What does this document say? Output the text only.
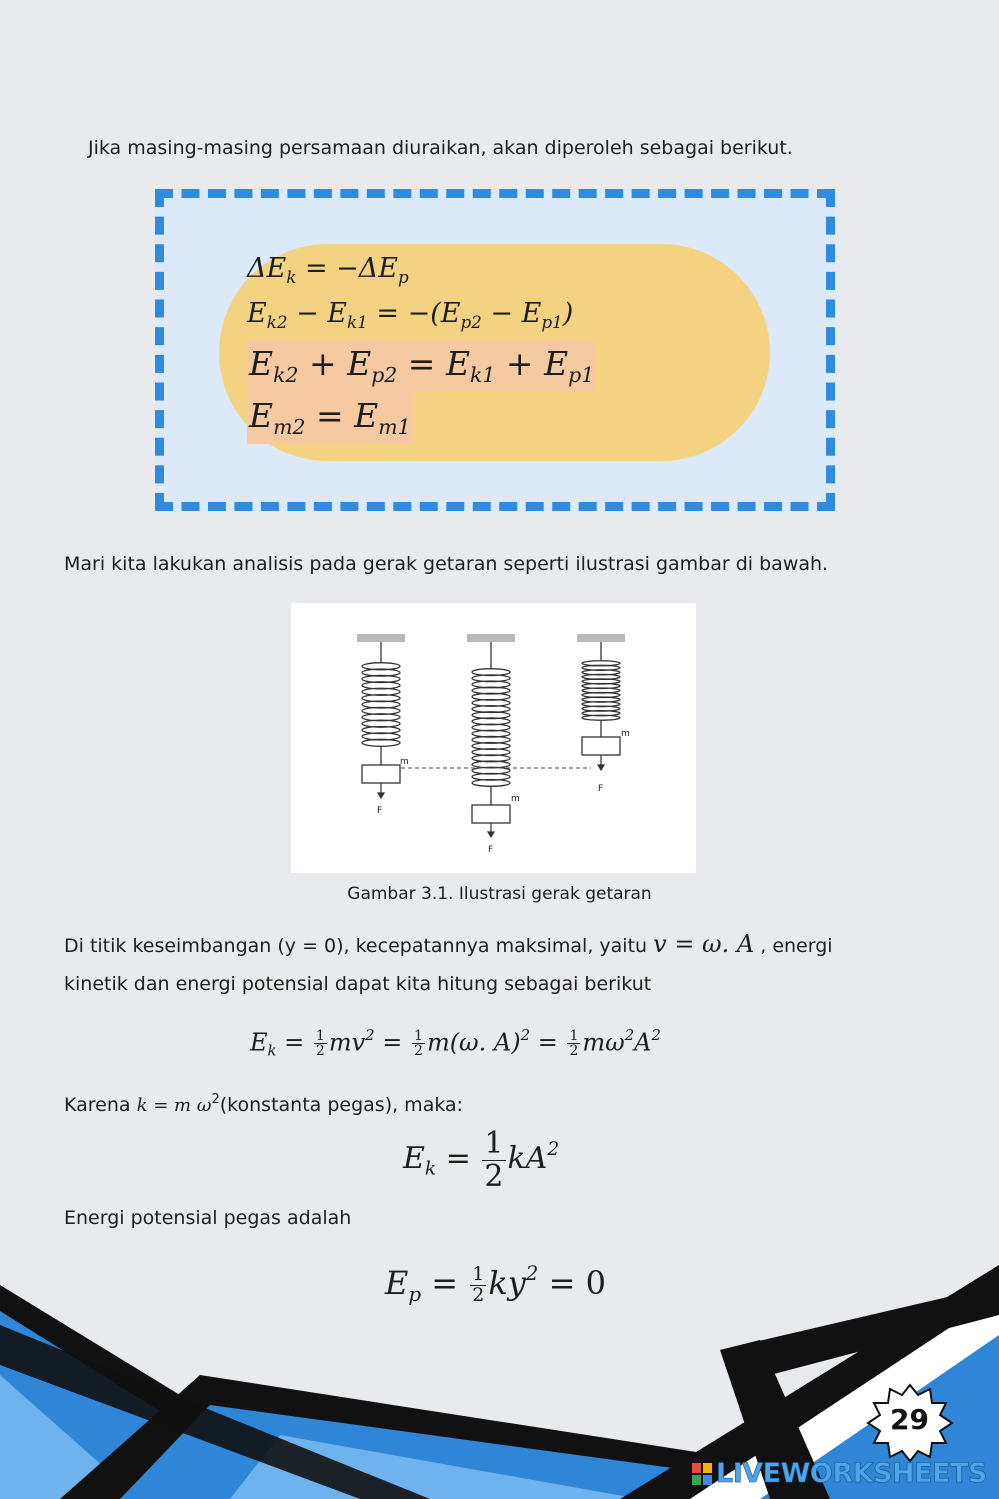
Jika masing-masing persamaan diuraikan, akan diperoleh sebagai berikut.

$\Delta E_k = -\Delta E_p$
$E_{k2} - E_{k1} = -(E_{p2} - E_{p1})$
$E_{k2} + E_{p2} = E_{k1} + E_{p1}$
$E_{m2} = E_{m1}$

Mari kita lakukan analisis pada gerak getaran seperti ilustrasi gambar di bawah.

m
m
m
F
F
F
Gambar 3.1. Ilustrasi gerak getaran

Di titik keseimbangan (y = 0), kecepatannya maksimal, yaitu v = ω. A , energi

kinetik dan energi potensial dapat kita hitung sebagai berikut

$E_k = \frac{1}{2} mv^2 = \frac{1}{2} m(\omega$. $A)^2 = \frac{1}{2} m\omega^2A^2$

Karena k = m $\omega^2(konstanta$ pegas), maka:

$E_k = \frac{1}{2} kA^2$

Energi potensial pegas adalah

$E_p = \frac{1}{2} ky^2 = 0$
29
LIVEWORKSHEETS
